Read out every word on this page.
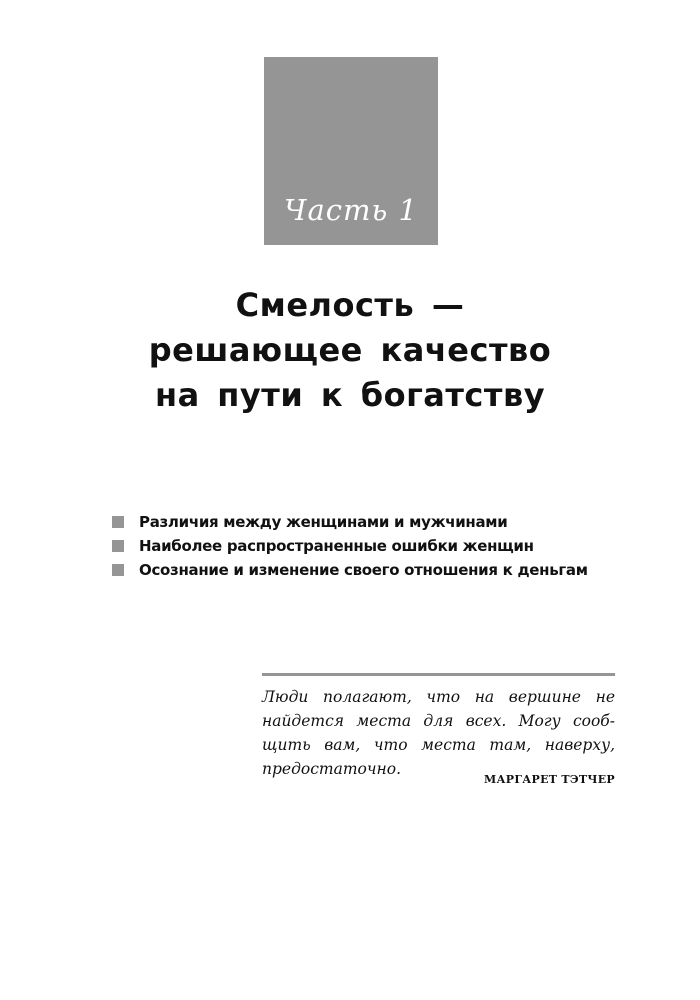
Часть 1
Смелость —
решающее качество
на пути к богатству
Различия между женщинами и мужчинами
Наиболее распространенные ошибки женщин
Осознание и изменение своего отношения к деньгам

Люди полагают, что на вершине не
найдется места для всех. Могу сооб-
щить вам, что места там, наверху,
предостаточно.

МАРГАРЕТ ТЭТЧЕР
